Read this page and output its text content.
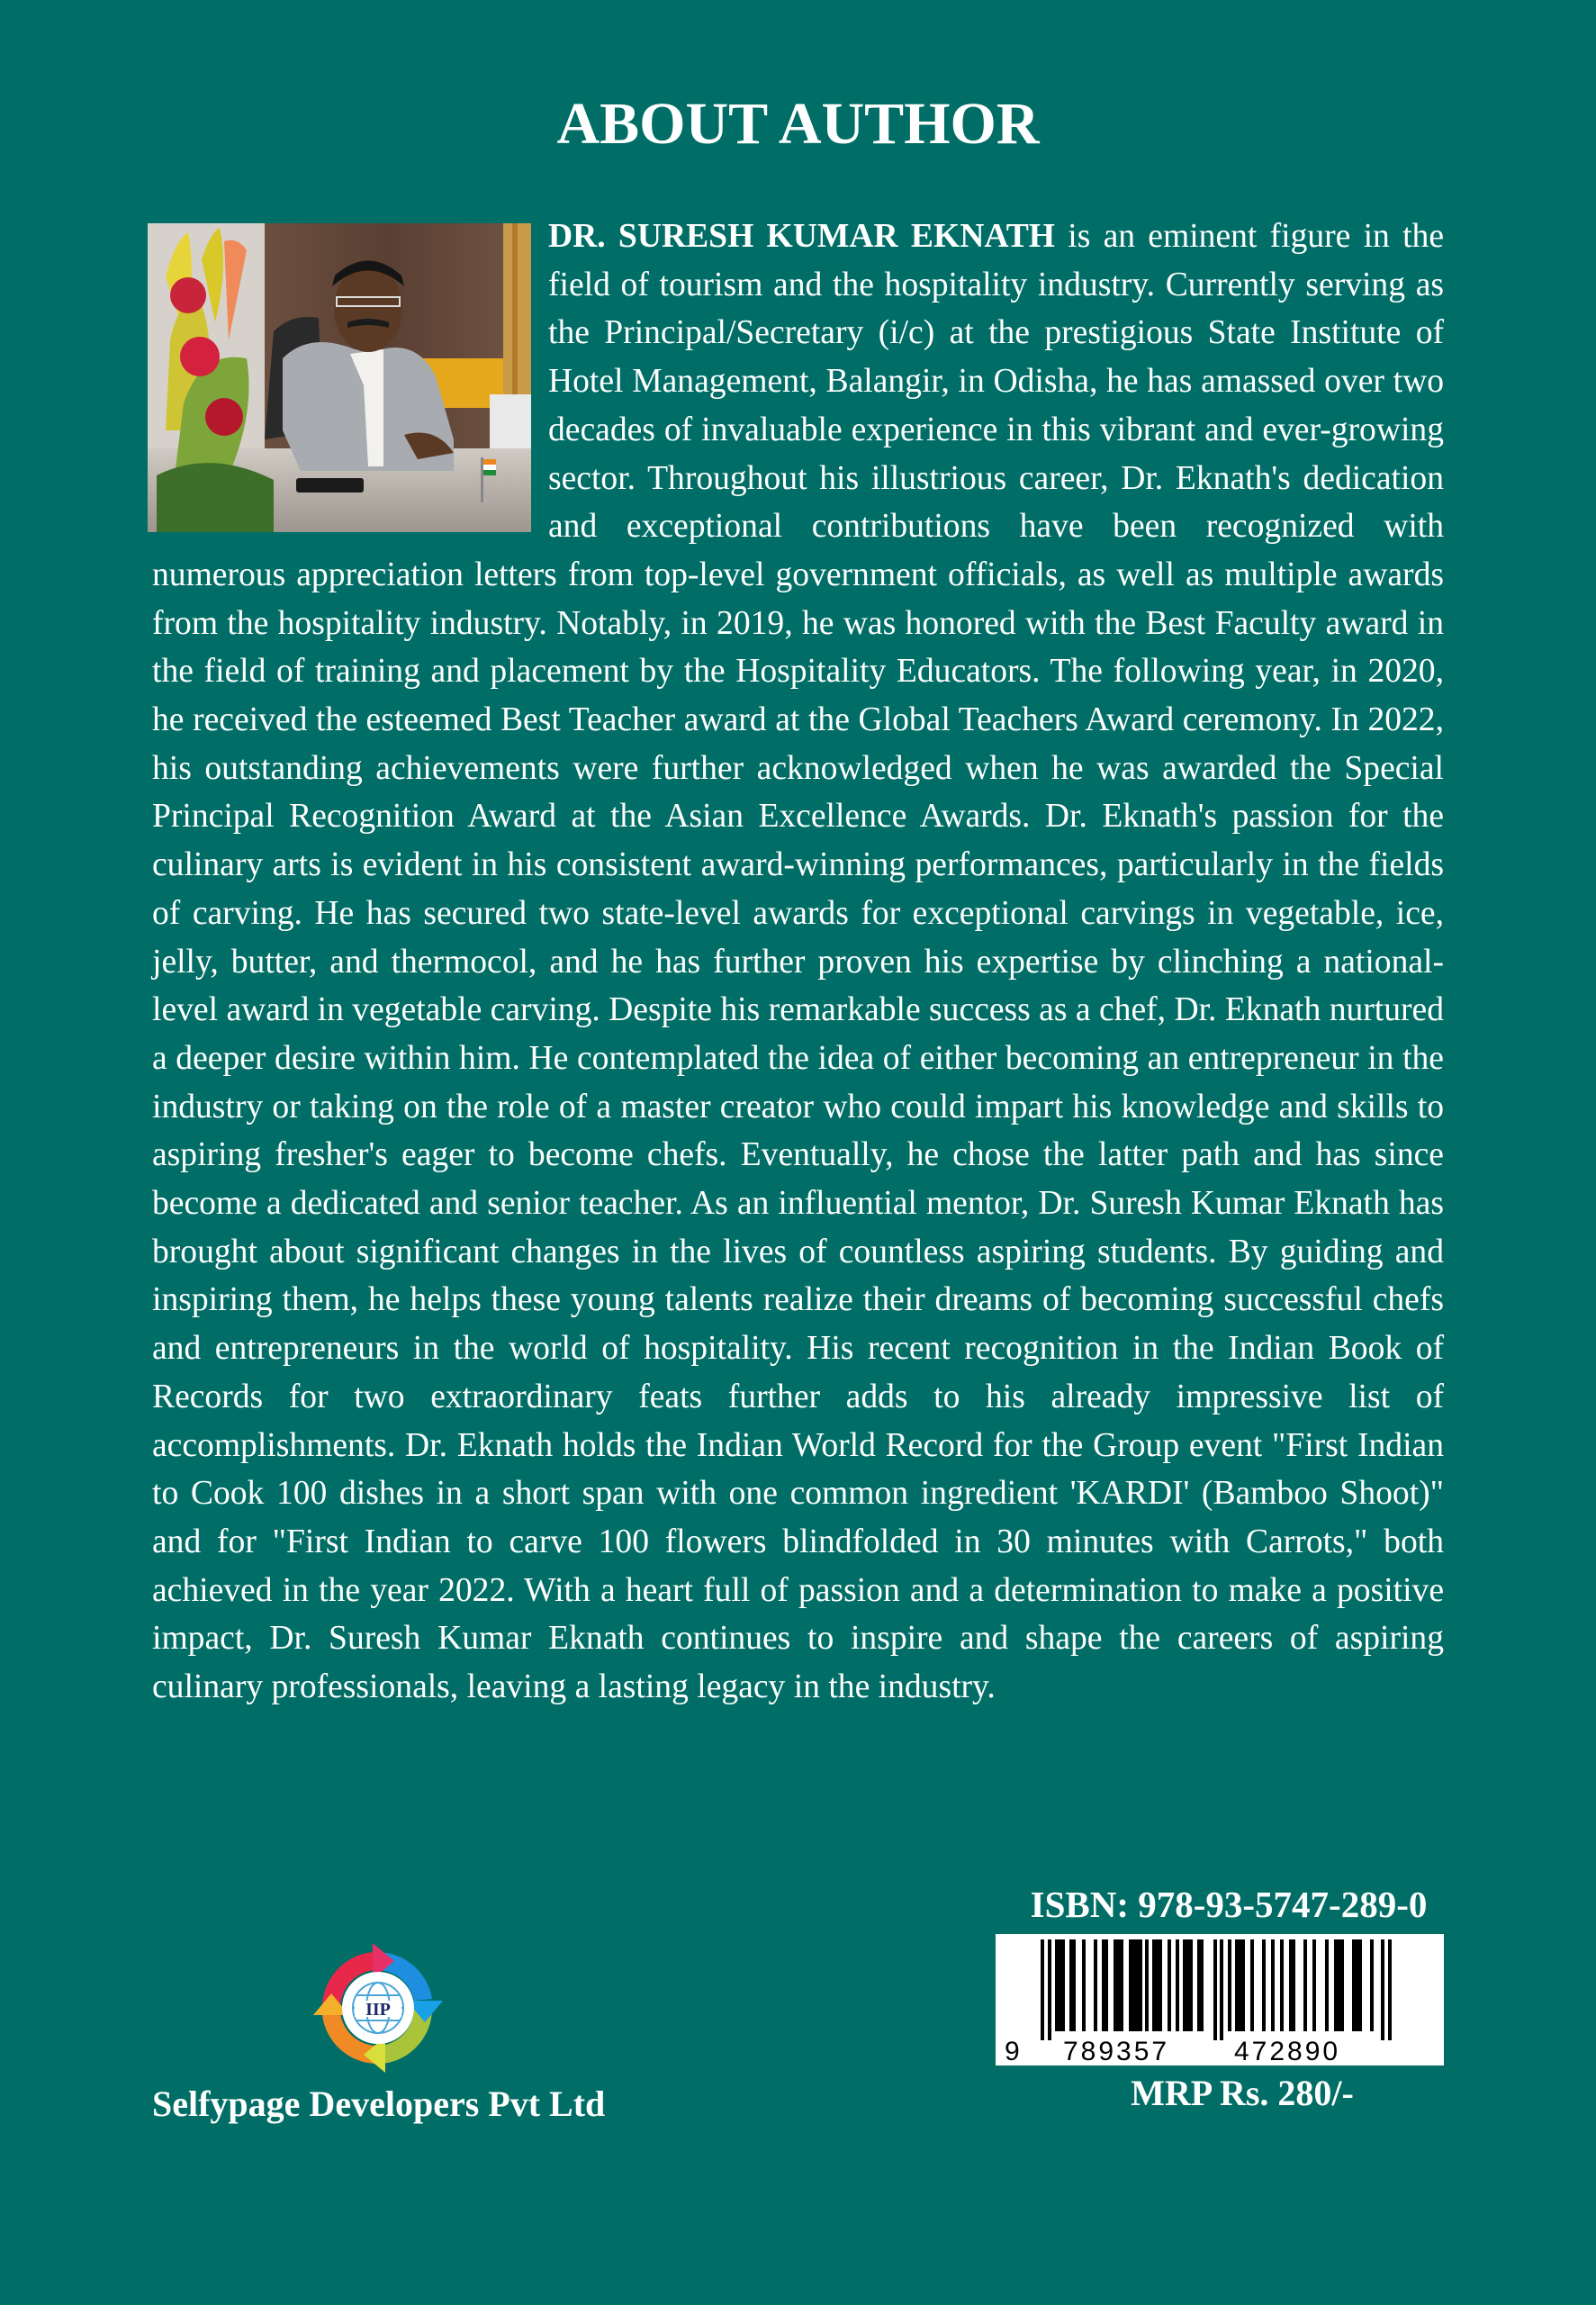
ABOUT AUTHOR
DR. SURESH KUMAR EKNATH is an eminent figure in the field of tourism and the hospitality industry. Currently serving as the Principal/Secretary (i/c) at the prestigious State Institute of Hotel Management, Balangir, in Odisha, he has amassed over two decades of invaluable experience in this vibrant and ever-growing sector. Throughout his illustrious career, Dr. Eknath's dedication and exceptional contributions have been recognized with numerous appreciation letters from top-level government officials, as well as multiple awards from the hospitality industry. Notably, in 2019, he was honored with the Best Faculty award in the field of training and placement by the Hospitality Educators. The following year, in 2020, he received the esteemed Best Teacher award at the Global Teachers Award ceremony. In 2022, his outstanding achievements were further acknowledged when he was awarded the Special Principal Recognition Award at the Asian Excellence Awards. Dr. Eknath's passion for the culinary arts is evident in his consistent award-winning performances, particularly in the fields of carving. He has secured two state-level awards for exceptional carvings in vegetable, ice, jelly, butter, and thermocol, and he has further proven his expertise by clinching a national-level award in vegetable carving. Despite his remarkable success as a chef, Dr. Eknath nurtured a deeper desire within him. He contemplated the idea of either becoming an entrepreneur in the industry or taking on the role of a master creator who could impart his knowledge and skills to aspiring fresher's eager to become chefs. Eventually, he chose the latter path and has since become a dedicated and senior teacher. As an influential mentor, Dr. Suresh Kumar Eknath has brought about significant changes in the lives of countless aspiring students. By guiding and inspiring them, he helps these young talents realize their dreams of becoming successful chefs and entrepreneurs in the world of hospitality. His recent recognition in the Indian Book of Records for two extraordinary feats further adds to his already impressive list of accomplishments. Dr. Eknath holds the Indian World Record for the Group event "First Indian to Cook 100 dishes in a short span with one common ingredient 'KARDI' (Bamboo Shoot)" and for "First Indian to carve 100 flowers blindfolded in 30 minutes with Carrots," both achieved in the year 2022. With a heart full of passion and a determination to make a positive impact, Dr. Suresh Kumar Eknath continues to inspire and shape the careers of aspiring culinary professionals, leaving a lasting legacy in the industry.
IIP
Selfypage Developers Pvt Ltd
ISBN: 978-93-5747-289-0
9 789357 472890
MRP Rs. 280/-
